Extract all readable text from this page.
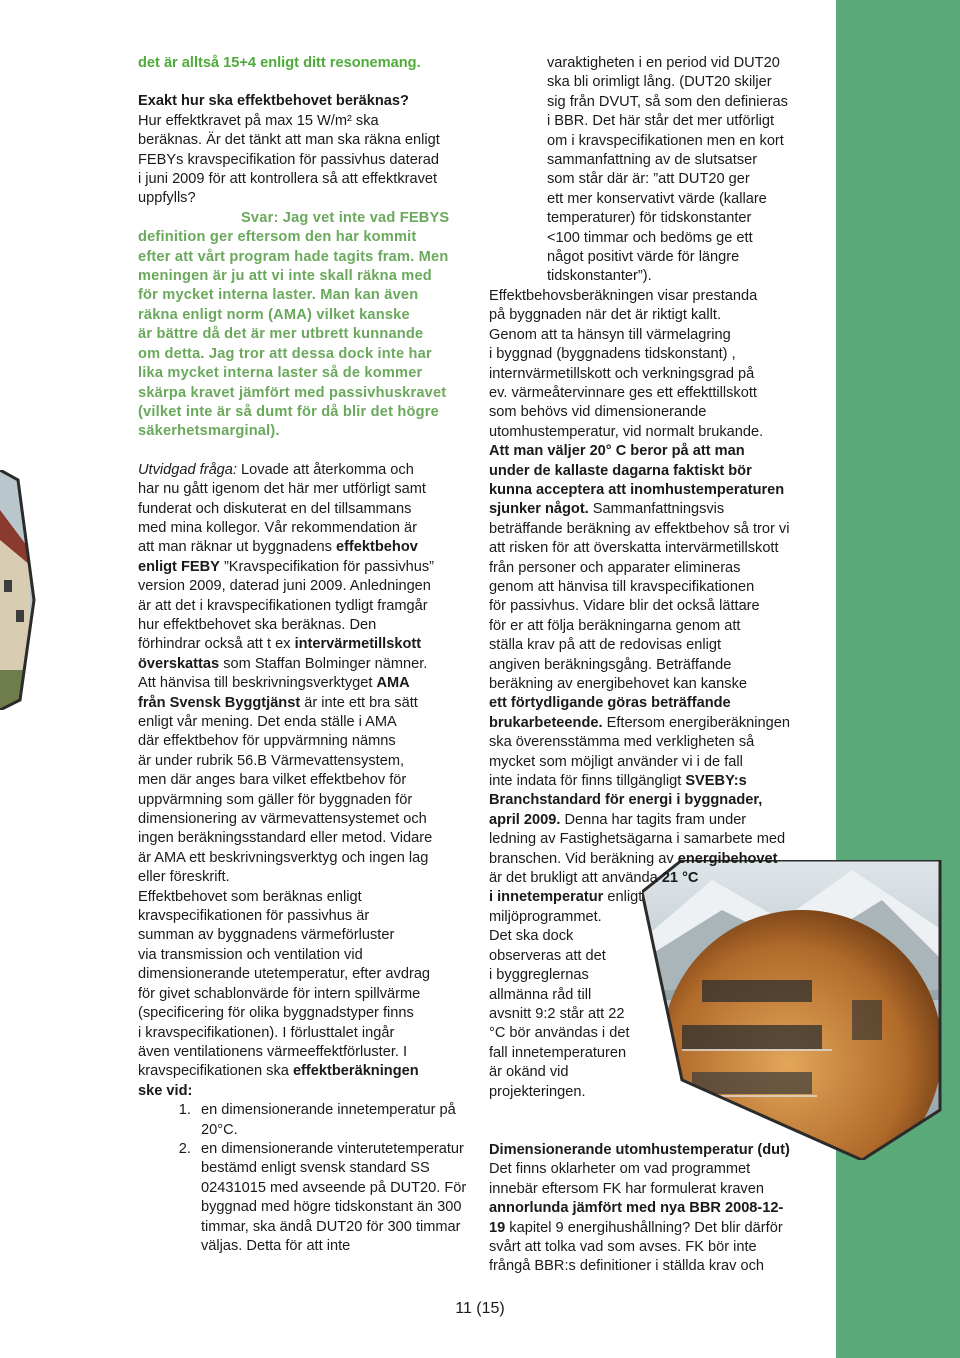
det är alltså 15+4 enligt ditt resonemang.

Exakt hur ska effektbehovet beräknas?

Hur effektkravet på max 15 W/m² ska

beräknas. Är det tänkt att man ska räkna enligt

FEBYs kravspecifikation för passivhus daterad

i juni 2009 för att kontrollera så att effektkravet

uppfylls?

Svar: Jag vet inte vad FEBYS

definition ger eftersom den har kommit

efter att vårt program hade tagits fram. Men

meningen är ju att vi inte skall räkna med

för mycket interna laster. Man kan även

räkna enligt norm (AMA) vilket kanske

är bättre då det är mer utbrett kunnande

om detta. Jag tror att dessa dock inte har

lika mycket interna laster så de kommer

skärpa kravet jämfört med passivhuskravet

(vilket inte är så dumt för då blir det högre

säkerhetsmarginal).

Utvidgad fråga: Lovade att återkomma och

har nu gått igenom det här mer utförligt samt

funderat och diskuterat en del tillsammans

med mina kollegor. Vår rekommendation är

att man räknar ut byggnadens effektbehov

enligt FEBY ”Kravspecifikation för passivhus”

version 2009, daterad juni 2009. Anledningen

är att det i kravspecifikationen tydligt framgår

hur effektbehovet ska beräknas. Den

förhindrar också att t ex intervärmetillskott

överskattas som Staffan Bolminger nämner.

Att hänvisa till beskrivningsverktyget AMA

från Svensk Byggtjänst är inte ett bra sätt

enligt vår mening. Det enda ställe i AMA

där effektbehov för uppvärmning nämns

är under rubrik 56.B Värmevattensystem,

men där anges bara vilket effektbehov för

uppvärmning som gäller för byggnaden för

dimensionering av värmevattensystemet och

ingen beräkningsstandard eller metod. Vidare

är AMA ett beskrivningsverktyg och ingen lag

eller föreskrift.

Effektbehovet som beräknas enligt

kravspecifikationen för passivhus är

summan av byggnadens värmeförluster

via transmission och ventilation vid

dimensionerande utetemperatur, efter avdrag

för givet schablonvärde för intern spillvärme

(specificering för olika byggnadstyper finns

i kravspecifikationen). I förlusttalet ingår

även ventilationens värmeeffektförluster. I

kravspecifikationen ska effektberäkningen

ske vid:

1. en dimensionerande innetemperatur på 20°C.
2. en dimensionerande vinterutetemperatur bestämd enligt svensk standard SS 02431015 med avseende på DUT20. För byggnad med högre tidskonstant än 300 timmar, ska ändå DUT20 för 300 timmar väljas. Detta för att inte

varaktigheten i en period vid DUT20

ska bli orimligt lång. (DUT20 skiljer

sig från DVUT, så som den definieras

i BBR. Det här står det mer utförligt

om i kravspecifikationen men en kort

sammanfattning av de slutsatser

som står där är: ”att DUT20 ger

ett mer konservativt värde (kallare

temperaturer) för tidskonstanter

<100 timmar och bedöms ge ett

något positivt värde för längre

tidskonstanter”).

Effektbehovsberäkningen visar prestanda

på byggnaden när det är riktigt kallt.

Genom att ta hänsyn till värmelagring

i byggnad (byggnadens tidskonstant) ,

internvärmetillskott och verkningsgrad på

ev. värmeåtervinnare ges ett effekttillskott

som behövs vid dimensionerande

utomhustemperatur, vid normalt brukande.

Att man väljer 20° C beror på att man

under de kallaste dagarna faktiskt bör

kunna acceptera att inomhustemperaturen

sjunker något. Sammanfattningsvis

beträffande beräkning av effektbehov så tror vi

att risken för att överskatta intervärmetillskott

från personer och apparater elimineras

genom att hänvisa till kravspecifikationen

för passivhus. Vidare blir det också lättare

för er att följa beräkningarna genom att

ställa krav på att de redovisas enligt

angiven beräkningsgång. Beträffande

beräkning av energibehovet kan kanske

ett förtydligande göras beträffande

brukarbeteende. Eftersom energiberäkningen

ska överensstämma med verkligheten så

mycket som möjligt använder vi i de fall

inte indata för finns tillgängligt SVEBY:s

Branchstandard för energi i byggnader,

april 2009. Denna har tagits fram under

ledning av Fastighetsägarna i samarbete med

branschen. Vid beräkning av energibehovet

är det brukligt att använda 21 °C

i innetemperatur enligt

miljöprogrammet.

Det ska dock

observeras att det

i byggreglernas

allmänna råd till

avsnitt 9:2 står att 22

°C bör användas i det

fall innetemperaturen

är okänd vid

projekteringen.

Dimensionerande utomhustemperatur (dut)

Det finns oklarheter om vad programmet

innebär eftersom FK har formulerat kraven

annorlunda jämfört med nya BBR 2008-12-

19 kapitel 9 energihushållning? Det blir därför

svårt att tolka vad som avses. FK bör inte

frångå BBR:s definitioner i ställda krav och

11 (15)
